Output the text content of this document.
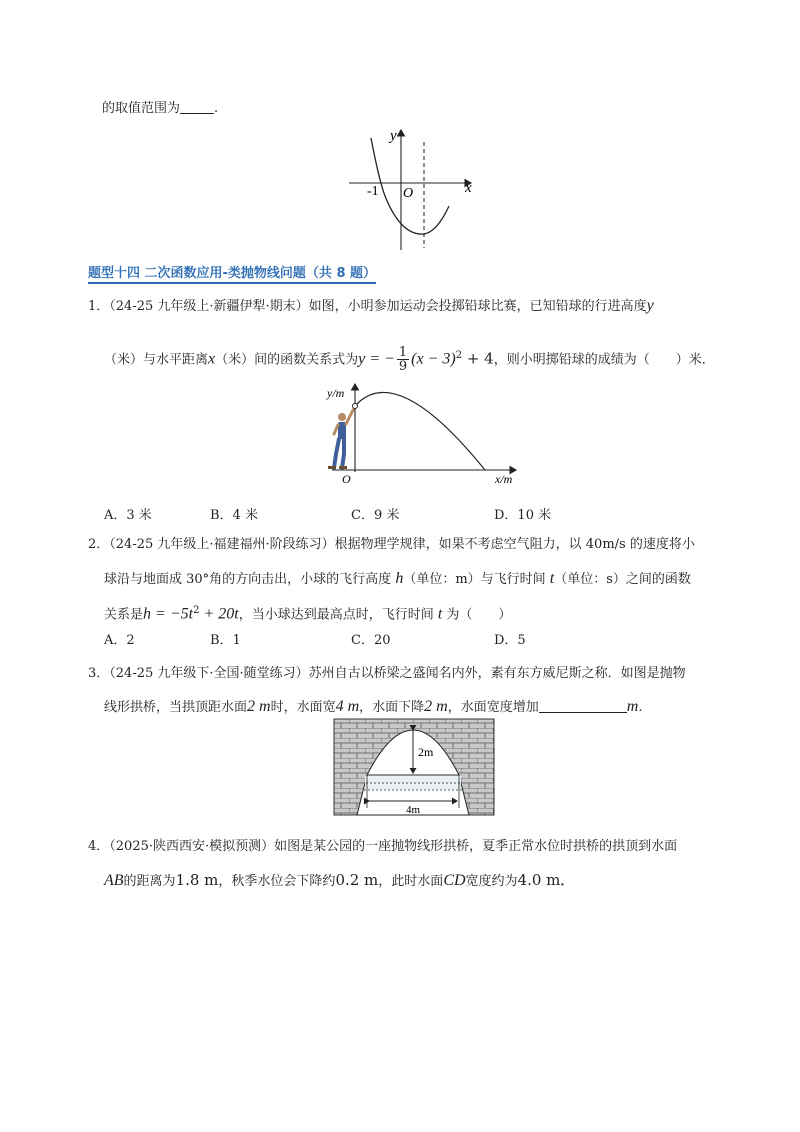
的取值范围为	.
y
x
O
-1
题型十四 二次函数应用-类抛物线问题（共 8 题）
1．（24-25 九年级上·新疆伊犁·期末）如图，小明参加运动会投掷铅球比赛，已知铅球的行进高度y
（米）与水平距离x（米）间的函数关系式为y = − $\frac{1}{9} (x - 3)^2 + 4$，则小明掷铅球的成绩为（　　）米．
y/m
x/m
O
A．3 米	B．4 米	C．9 米	D．10 米
2．（24-25 九年级上·福建福州·阶段练习）根据物理学规律，如果不考虑空气阻力，以 40m/s 的速度将小
球沿与地面成 30°角的方向击出，小球的飞行高度 h（单位：m）与飞行时间 t（单位：s）之间的函数
关系是$h = -5t^2 + 20t$，当小球达到最高点时，飞行时间 t 为（　　）
A．2	B．1	C．20	D．5
3．（24-25 九年级下·全国·随堂练习）苏州自古以桥梁之盛闻名内外，素有东方威尼斯之称．如图是抛物
线形拱桥，当拱顶距水面2 m时，水面宽4 m，水面下降2 m，水面宽度增加	m.
2m
4m
4．（2025·陕西西安·模拟预测）如图是某公园的一座抛物线形拱桥，夏季正常水位时拱桥的拱顶到水面
AB的距离为1.8 m，秋季水位会下降约0.2 m，此时水面CD宽度约为4.0 m．
